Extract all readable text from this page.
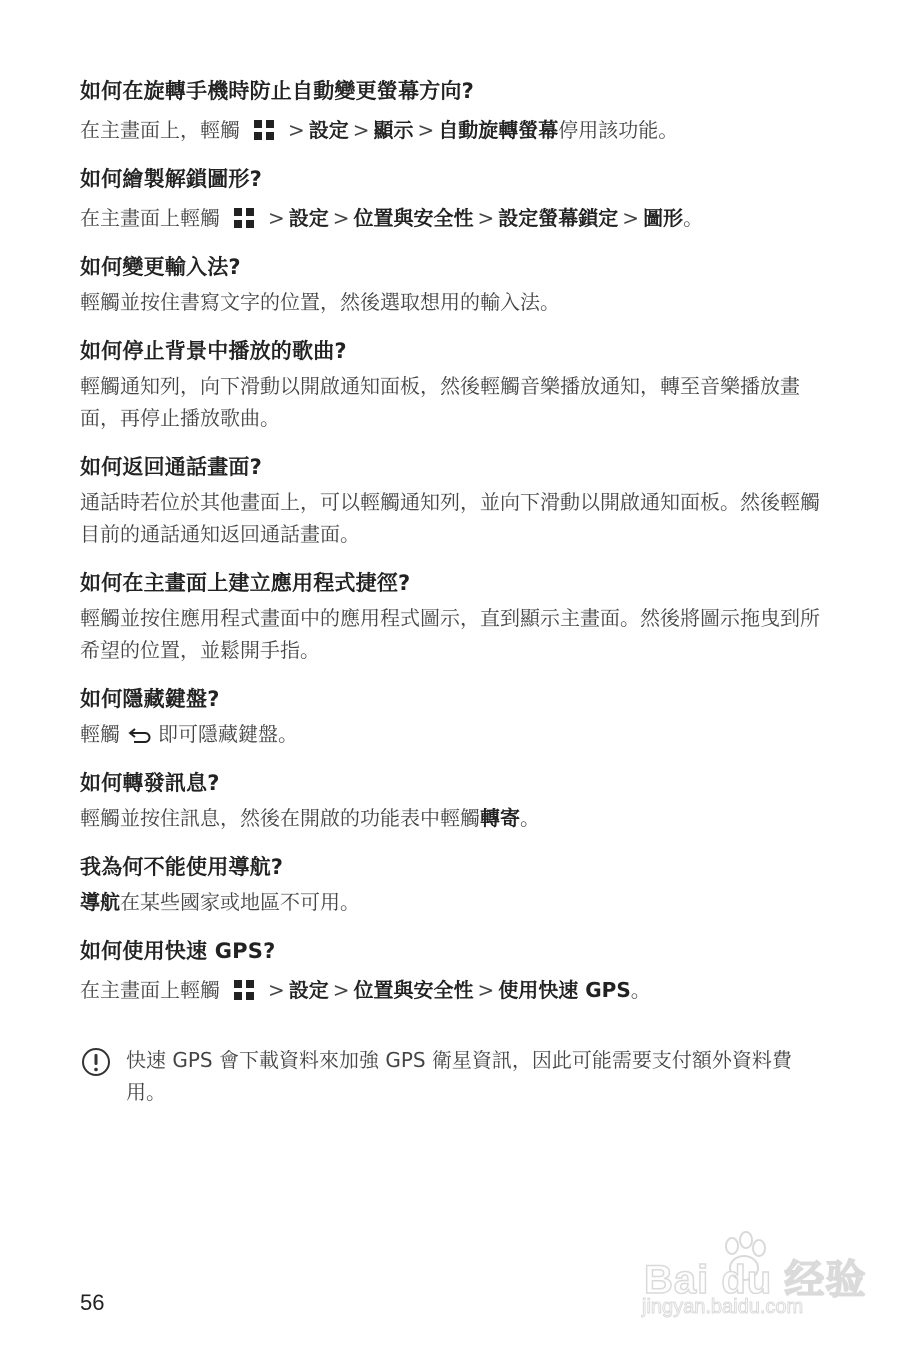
如何在旋轉手機時防止自動變更螢幕方向?

在主畫面上，輕觸 > 設定 > 顯示 > 自動旋轉螢幕停用該功能。

如何繪製解鎖圖形?

在主畫面上輕觸 > 設定 > 位置與安全性 > 設定螢幕鎖定 > 圖形。

如何變更輸入法?

輕觸並按住書寫文字的位置，然後選取想用的輸入法。

如何停止背景中播放的歌曲?

輕觸通知列，向下滑動以開啟通知面板，然後輕觸音樂播放通知，轉至音樂播放畫面，再停止播放歌曲。

如何返回通話畫面?

通話時若位於其他畫面上，可以輕觸通知列，並向下滑動以開啟通知面板。然後輕觸目前的通話通知返回通話畫面。

如何在主畫面上建立應用程式捷徑?

輕觸並按住應用程式畫面中的應用程式圖示，直到顯示主畫面。然後將圖示拖曳到所希望的位置，並鬆開手指。

如何隱藏鍵盤?

輕觸 即可隱藏鍵盤。

如何轉發訊息?

輕觸並按住訊息，然後在開啟的功能表中輕觸轉寄。

我為何不能使用導航?

導航在某些國家或地區不可用。

如何使用快速 GPS?

在主畫面上輕觸 > 設定 > 位置與安全性 > 使用快速 GPS。

快速 GPS 會下載資料來加強 GPS 衛星資訊，因此可能需要支付額外資料費用。
56
Bai du 经验
jingyan.baidu.com
